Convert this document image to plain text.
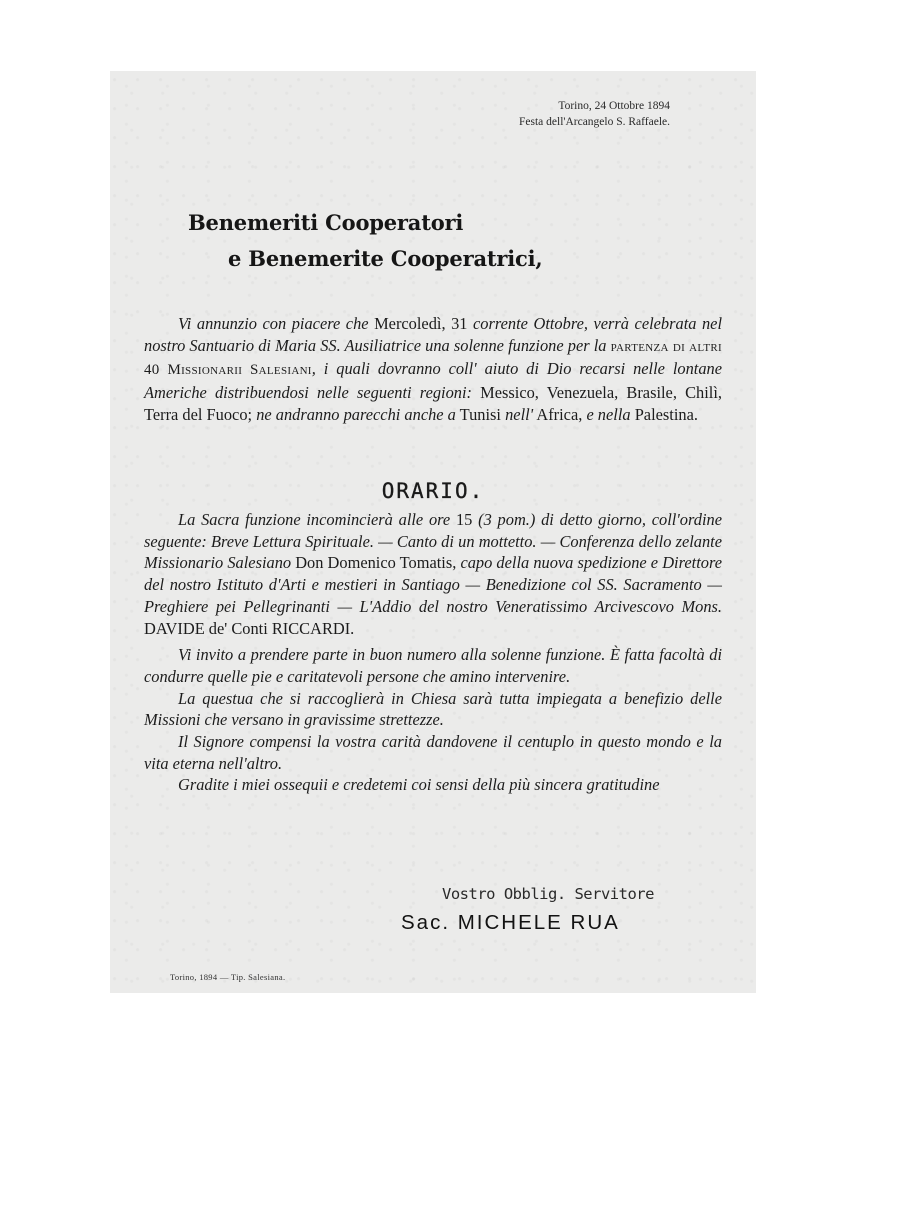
Torino, 24 Ottobre 1894
Festa dell'Arcangelo S. Raffaele.
Benemeriti Cooperatori
e Benemerite Cooperatrici,

Vi annunzio con piacere che Mercoledì, 31 corrente Ottobre, verrà celebrata nel nostro Santuario di Maria SS. Ausiliatrice una solenne funzione per la partenza di altri 40 Missionarii Salesiani, i quali dovranno coll' aiuto di Dio recarsi nelle lontane Americhe distribuendosi nelle seguenti regioni: Messico, Venezuela, Brasile, Chilì, Terra del Fuoco; ne andranno parecchi anche a Tunisi nell' Africa, e nella Palestina.

ORARIO.

La Sacra funzione incomincierà alle ore 15 (3 pom.) di detto giorno, coll'ordine seguente: Breve Lettura Spirituale. — Canto di un mottetto. — Conferenza dello zelante Missionario Salesiano Don Domenico Tomatis, capo della nuova spedizione e Direttore del nostro Istituto d'Arti e mestieri in Santiago — Benedizione col SS. Sacramento — Preghiere pei Pellegrinanti — L'Addio del nostro Veneratissimo Arcivescovo Mons. DAVIDE de' Conti RICCARDI.

Vi invito a prendere parte in buon numero alla solenne funzione. È fatta facoltà di condurre quelle pie e caritatevoli persone che amino intervenire.

La questua che si raccoglierà in Chiesa sarà tutta impiegata a benefizio delle Missioni che versano in gravissime strettezze.

Il Signore compensi la vostra carità dandovene il centuplo in questo mondo e la vita eterna nell'altro.

Gradite i miei ossequii e credetemi coi sensi della più sincera gratitudine

Vostro Obblig. Servitore
Sac. MICHELE RUA
Torino, 1894 — Tip. Salesiana.
